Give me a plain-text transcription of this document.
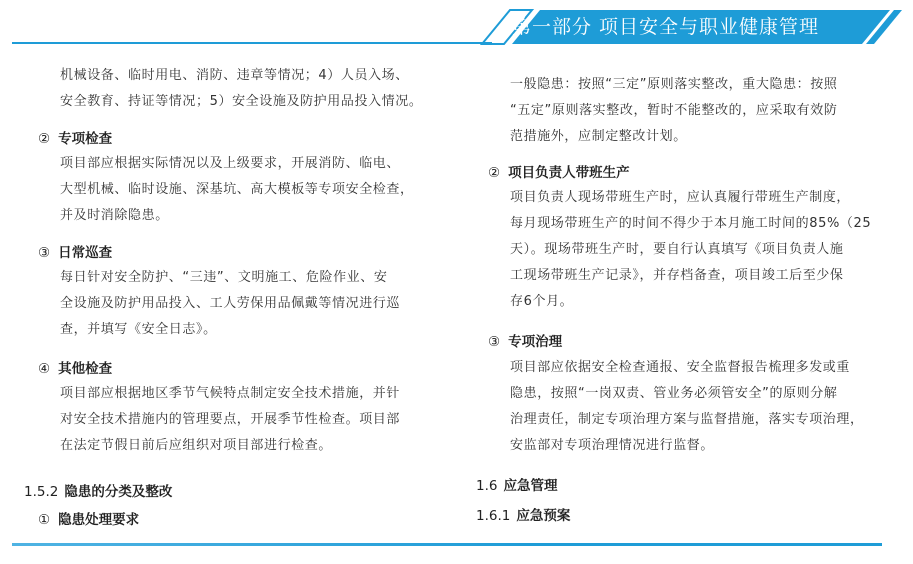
第一部分 项目安全与职业健康管理
机械设备、临时用电、消防、违章等情况；4）人员入场、
安全教育、持证等情况；5）安全设施及防护用品投入情况。
② 专项检查
项目部应根据实际情况以及上级要求，开展消防、临电、
大型机械、临时设施、深基坑、高大模板等专项安全检查，
并及时消除隐患。
③ 日常巡查
每日针对安全防护、“三违”、文明施工、危险作业、安
全设施及防护用品投入、工人劳保用品佩戴等情况进行巡
查，并填写《安全日志》。
④ 其他检查
项目部应根据地区季节气候特点制定安全技术措施，并针
对安全技术措施内的管理要点，开展季节性检查。项目部
在法定节假日前后应组织对项目部进行检查。
1.5.2 隐患的分类及整改
① 隐患处理要求
一般隐患：按照“三定”原则落实整改，重大隐患：按照
“五定”原则落实整改，暂时不能整改的，应采取有效防
范措施外，应制定整改计划。
② 项目负责人带班生产
项目负责人现场带班生产时，应认真履行带班生产制度，
每月现场带班生产的时间不得少于本月施工时间的85%（25
天）。现场带班生产时，要自行认真填写《项目负责人施
工现场带班生产记录》，并存档备查，项目竣工后至少保
存6个月。
③ 专项治理
项目部应依据安全检查通报、安全监督报告梳理多发或重
隐患，按照“一岗双责、管业务必须管安全”的原则分解
治理责任，制定专项治理方案与监督措施，落实专项治理，
安监部对专项治理情况进行监督。
1.6 应急管理
1.6.1 应急预案
· · · ·
